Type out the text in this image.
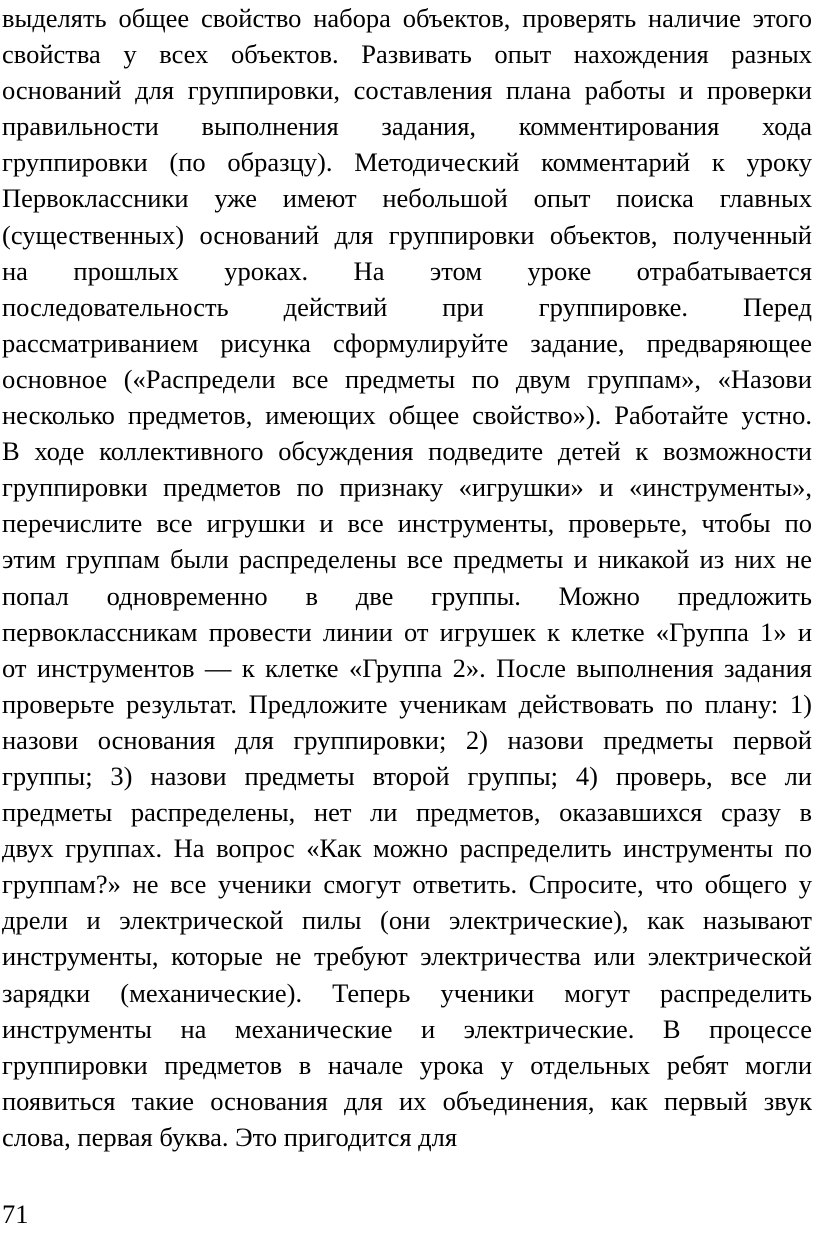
выделять общее свойство набора объектов, проверять наличие этого
свойства у всех объектов. Развивать опыт нахождения разных
оснований для группировки, составления плана работы и проверки
правильности выполнения задания, комментирования хода
группировки (по образцу). Методический комментарий к уроку
Первоклассники уже имеют небольшой опыт поиска главных
(существенных) оснований для группировки объектов, полученный
на прошлых уроках. На этом уроке отрабатывается
последовательность действий при группировке. Перед
рассматриванием рисунка сформулируйте задание, предваряющее
основное («Распредели все предметы по двум группам», «Назови
несколько предметов, имеющих общее свойство»). Работайте устно.
В ходе коллективного обсуждения подведите детей к возможности
группировки предметов по признаку «игрушки» и «инструменты»,
перечислите все игрушки и все инструменты, проверьте, чтобы по
этим группам были распределены все предметы и никакой из них не
попал одновременно в две группы. Можно предложить
первоклассникам провести линии от игрушек к клетке «Группа 1» и
от инструментов — к клетке «Группа 2». После выполнения задания
проверьте результат. Предложите ученикам действовать по плану: 1)
назови основания для группировки; 2) назови предметы первой
группы; 3) назови предметы второй группы; 4) проверь, все ли
предметы распределены, нет ли предметов, оказавшихся сразу в
двух группах. На вопрос «Как можно распределить инструменты по
группам?» не все ученики смогут ответить. Спросите, что общего у
дрели и электрической пилы (они электрические), как называют
инструменты, которые не требуют электричества или электрической
зарядки (механические). Теперь ученики могут распределить
инструменты на механические и электрические. В процессе
группировки предметов в начале урока у отдельных ребят могли
появиться такие основания для их объединения, как первый звук
слова, первая буква. Это пригодится для
71
